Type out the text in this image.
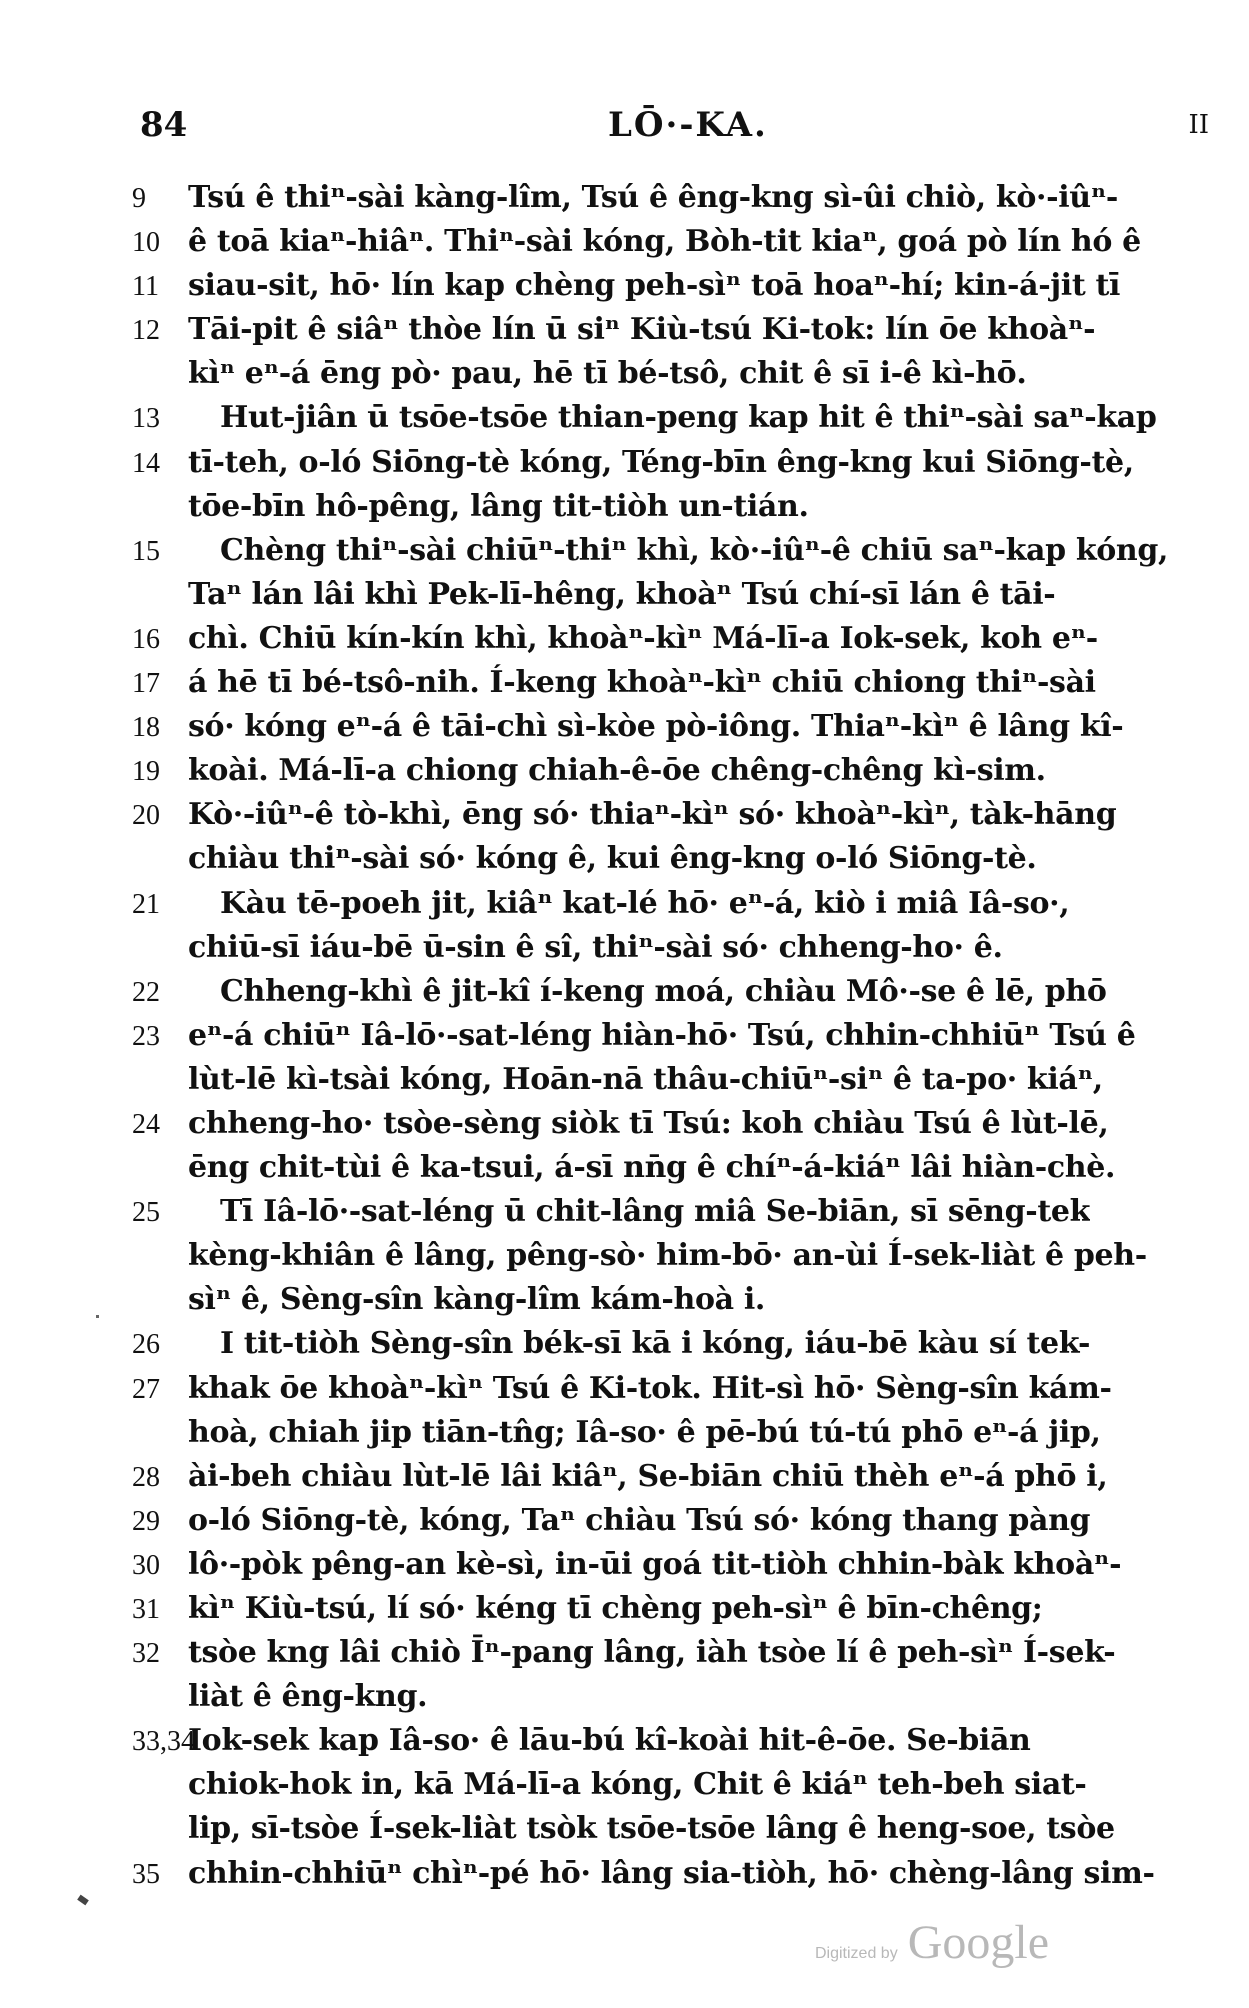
84	LŌ·-KA.	II
9	Tsú ê thiⁿ-sài kàng-lîm, Tsú ê êng-kng sì-ûi chiò, kò·-iûⁿ-
10 ê toā kiaⁿ-hiâⁿ. Thiⁿ-sài kóng, Bòh-tit kiaⁿ, goá pò lín hó ê
11 siau-sit, hō· lín kap chèng peh-sìⁿ toā hoaⁿ-hí; kin-á-jit tī
12 Tāi-pit ê siâⁿ thòe lín ū siⁿ Kiù-tsú Ki-tok: lín ōe khoàⁿ-
kìⁿ eⁿ-á ēng pò· pau, hē tī bé-tsô, chit ê sī i-ê kì-hō.
13	Hut-jiân ū tsōe-tsōe thian-peng kap hit ê thiⁿ-sài saⁿ-kap
14 tī-teh, o-ló Siōng-tè kóng, Téng-bīn êng-kng kui Siōng-tè,
tōe-bīn hô-pêng, lâng tit-tiòh un-tián.
15	Chèng thiⁿ-sài chiūⁿ-thiⁿ khì, kò·-iûⁿ-ê chiū saⁿ-kap kóng,
Taⁿ lán lâi khì Pek-lī-hêng, khoàⁿ Tsú chí-sī lán ê tāi-
16 chì. Chiū kín-kín khì, khoàⁿ-kìⁿ Má-lī-a Iok-sek, koh eⁿ-
17 á hē tī bé-tsô-nih. Í-keng khoàⁿ-kìⁿ chiū chiong thiⁿ-sài
18 só· kóng eⁿ-á ê tāi-chì sì-kòe pò-iông. Thiaⁿ-kìⁿ ê lâng kî-
19 koài. Má-lī-a chiong chiah-ê-ōe chêng-chêng kì-sim.
20 Kò·-iûⁿ-ê tò-khì, ēng só· thiaⁿ-kìⁿ só· khoàⁿ-kìⁿ, tàk-hāng
chiàu thiⁿ-sài só· kóng ê, kui êng-kng o-ló Siōng-tè.
21	Kàu tē-poeh jit, kiâⁿ kat-lé hō· eⁿ-á, kiò i miâ Iâ-so·,
chiū-sī iáu-bē ū-sin ê sî, thiⁿ-sài só· chheng-ho· ê.
22	Chheng-khì ê jit-kî í-keng moá, chiàu Mô·-se ê lē, phō
23 eⁿ-á chiūⁿ Iâ-lō·-sat-léng hiàn-hō· Tsú, chhin-chhiūⁿ Tsú ê
lùt-lē kì-tsài kóng, Hoān-nā thâu-chiūⁿ-siⁿ ê ta-po· kiáⁿ,
24 chheng-ho· tsòe-sèng siòk tī Tsú: koh chiàu Tsú ê lùt-lē,
ēng chit-tùi ê ka-tsui, á-sī nn̄g ê chíⁿ-á-kiáⁿ lâi hiàn-chè.
25	Tī Iâ-lō·-sat-léng ū chit-lâng miâ Se-biān, sī sēng-tek
kèng-khiân ê lâng, pêng-sò· him-bō· an-ùi Í-sek-liàt ê peh-
sìⁿ ê, Sèng-sîn kàng-lîm kám-hoà i.
26	I tit-tiòh Sèng-sîn bék-sī kā i kóng, iáu-bē kàu sí tek-
27 khak ōe khoàⁿ-kìⁿ Tsú ê Ki-tok. Hit-sì hō· Sèng-sîn kám-
hoà, chiah jip tiān-tn̂g; Iâ-so· ê pē-bú tú-tú phō eⁿ-á jip,
28 ài-beh chiàu lùt-lē lâi kiâⁿ, Se-biān chiū thèh eⁿ-á phō i,
29 o-ló Siōng-tè, kóng, Taⁿ chiàu Tsú só· kóng thang pàng
30 lô·-pòk pêng-an kè-sì, in-ūi goá tit-tiòh chhin-bàk khoàⁿ-
31 kìⁿ Kiù-tsú, lí só· kéng tī chèng peh-sìⁿ ê bīn-chêng;
32 tsòe kng lâi chiò Īⁿ-pang lâng, iàh tsòe lí ê peh-sìⁿ Í-sek-
liàt ê êng-kng.
33,34
Iok-sek kap Iâ-so· ê lāu-bú kî-koài hit-ê-ōe. Se-biān
chiok-hok in, kā Má-lī-a kóng, Chit ê kiáⁿ teh-beh siat-
lip, sī-tsòe Í-sek-liàt tsòk tsōe-tsōe lâng ê heng-soe, tsòe
35 chhin-chhiūⁿ chìⁿ-pé hō· lâng sia-tiòh, hō· chèng-lâng sim-
Digitized by Google
